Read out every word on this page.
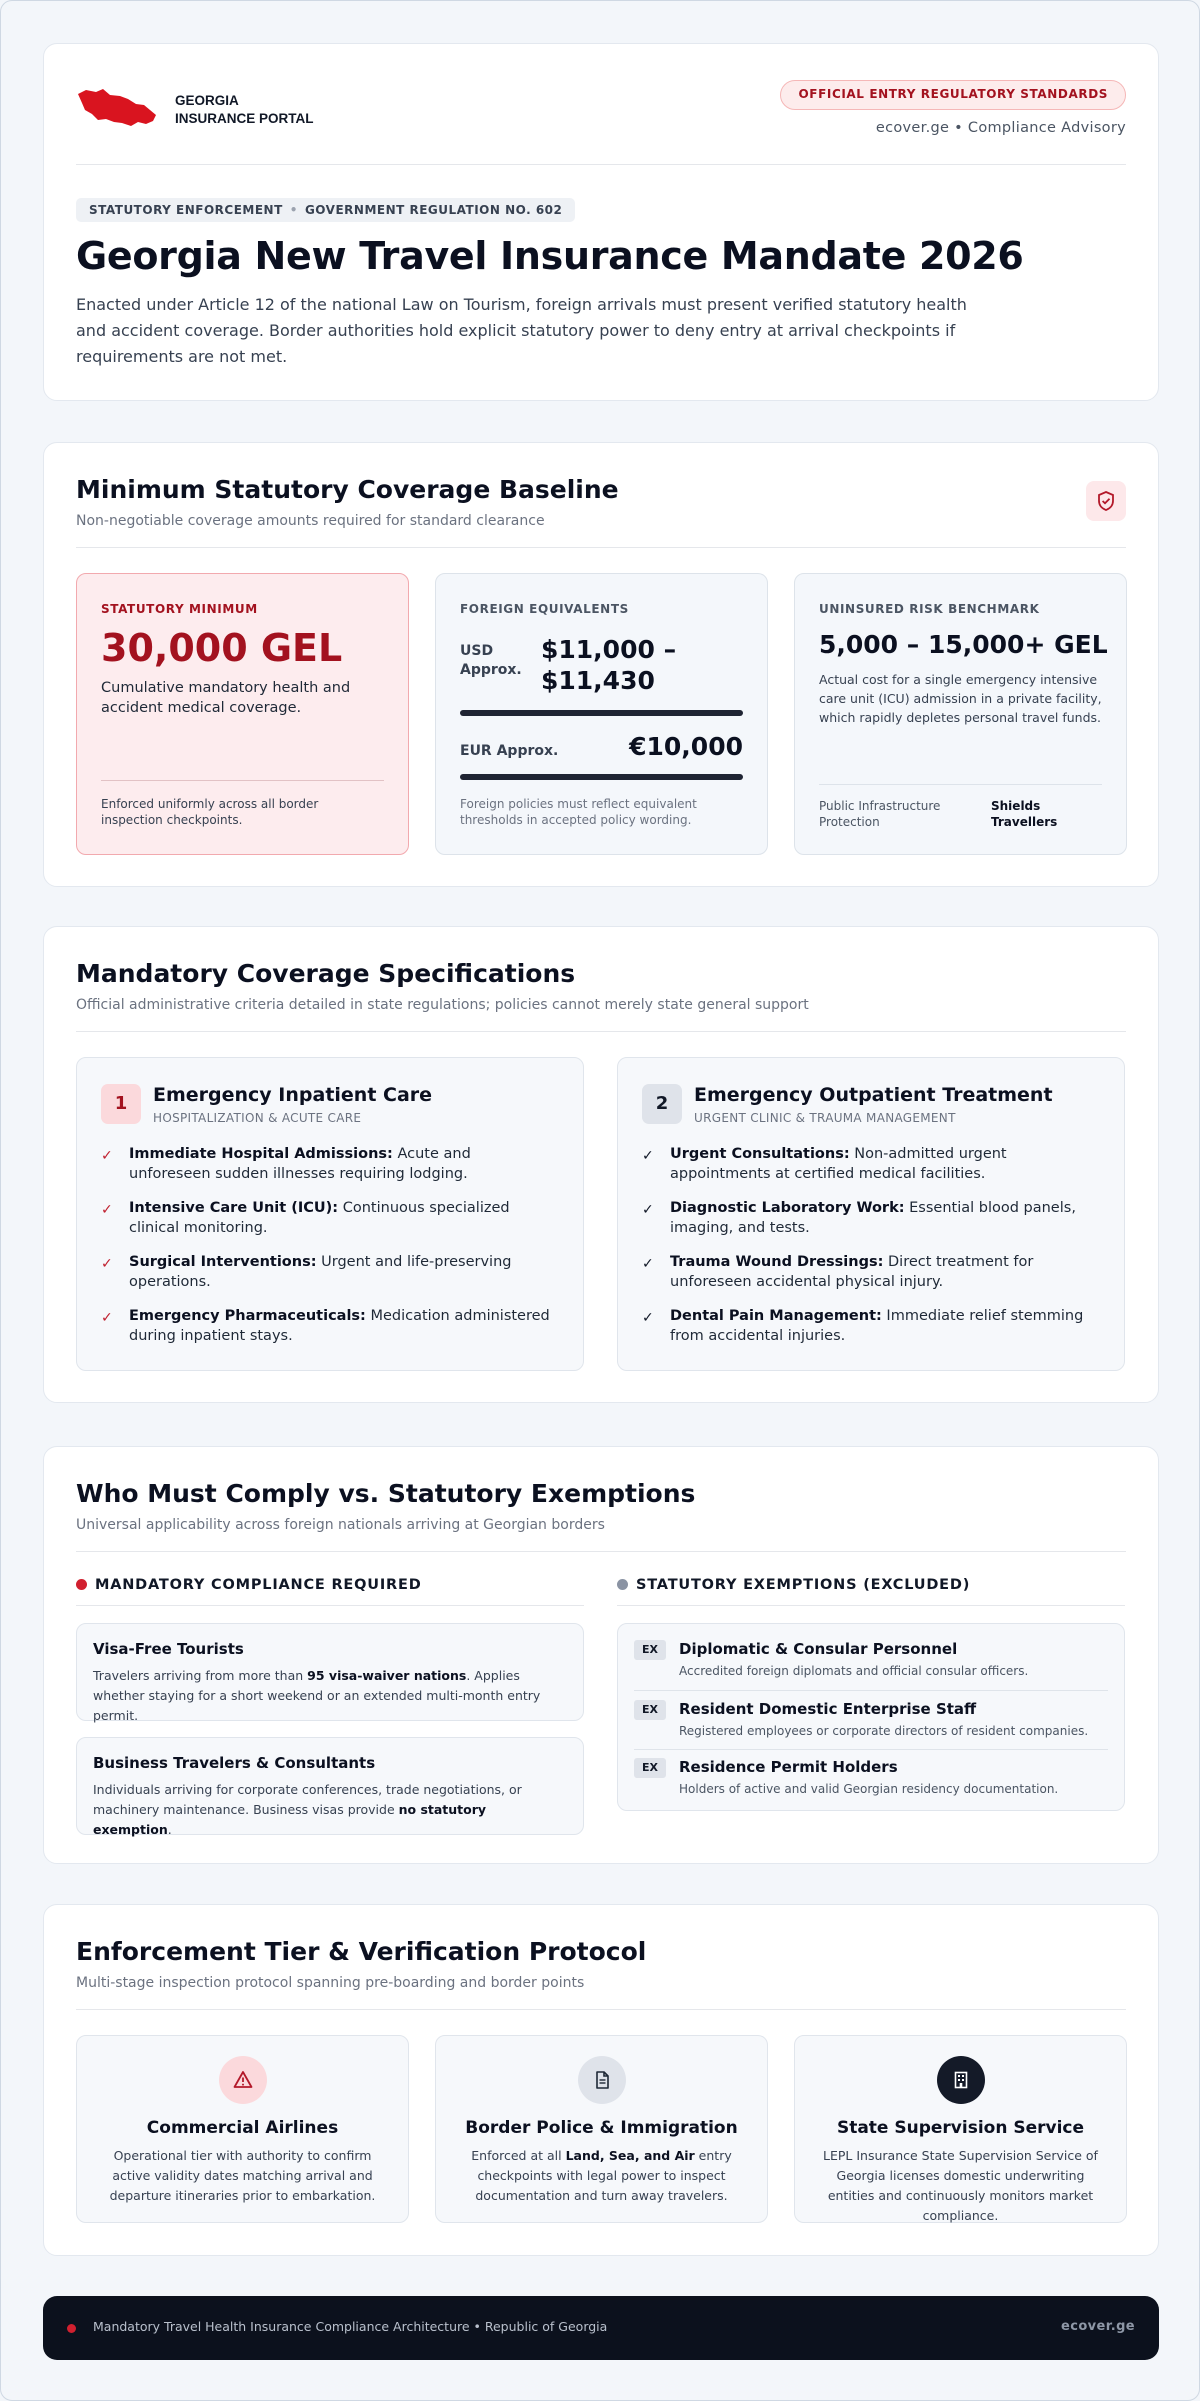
GEORGIA
INSURANCE PORTAL
OFFICIAL ENTRY REGULATORY STANDARDS
ecover.ge • Compliance Advisory
STATUTORY ENFORCEMENT • GOVERNMENT REGULATION NO. 602
Georgia New Travel Insurance Mandate 2026
Enacted under Article 12 of the national Law on Tourism, foreign arrivals must present verified statutory health and accident coverage. Border authorities hold explicit statutory power to deny entry at arrival checkpoints if requirements are not met.
Minimum Statutory Coverage Baseline
Non-negotiable coverage amounts required for standard clearance
STATUTORY MINIMUM
30,000 GEL
Cumulative mandatory health and accident medical coverage.
Enforced uniformly across all border inspection checkpoints.
FOREIGN EQUIVALENTS
USD
Approx.
$11,000 –
$11,430
EUR Approx.	€10,000
Foreign policies must reflect equivalent thresholds in accepted policy wording.
UNINSURED RISK BENCHMARK
5,000 – 15,000+ GEL
Actual cost for a single emergency intensive care unit (ICU) admission in a private facility, which rapidly depletes personal travel funds.
Public Infrastructure Protection
Shields Travellers
Mandatory Coverage Specifications
Official administrative criteria detailed in state regulations; policies cannot merely state general support
1	Emergency Inpatient Care
HOSPITALIZATION & ACUTE CARE
✓ Immediate Hospital Admissions: Acute and unforeseen sudden illnesses requiring lodging.
✓ Intensive Care Unit (ICU): Continuous specialized clinical monitoring.
✓ Surgical Interventions: Urgent and life-preserving operations.
✓ Emergency Pharmaceuticals: Medication administered during inpatient stays.
2	Emergency Outpatient Treatment
URGENT CLINIC & TRAUMA MANAGEMENT
✓ Urgent Consultations: Non-admitted urgent appointments at certified medical facilities.
✓ Diagnostic Laboratory Work: Essential blood panels, imaging, and tests.
✓ Trauma Wound Dressings: Direct treatment for unforeseen accidental physical injury.
✓ Dental Pain Management: Immediate relief stemming from accidental injuries.
Who Must Comply vs. Statutory Exemptions
Universal applicability across foreign nationals arriving at Georgian borders
MANDATORY COMPLIANCE REQUIRED	STATUTORY EXEMPTIONS (EXCLUDED)
Visa-Free Tourists
Travelers arriving from more than 95 visa-waiver nations. Applies whether staying for a short weekend or an extended multi-month entry permit.
Business Travelers & Consultants
Individuals arriving for corporate conferences, trade negotiations, or machinery maintenance. Business visas provide no statutory exemption.
EX	Diplomatic & Consular Personnel
Accredited foreign diplomats and official consular officers.
EX	Resident Domestic Enterprise Staff
Registered employees or corporate directors of resident companies.
EX	Residence Permit Holders
Holders of active and valid Georgian residency documentation.
Enforcement Tier & Verification Protocol
Multi-stage inspection protocol spanning pre-boarding and border points
Commercial Airlines
Operational tier with authority to confirm active validity dates matching arrival and departure itineraries prior to embarkation.
Border Police & Immigration
Enforced at all Land, Sea, and Air entry checkpoints with legal power to inspect documentation and turn away travelers.
State Supervision Service
LEPL Insurance State Supervision Service of Georgia licenses domestic underwriting entities and continuously monitors market compliance.
Mandatory Travel Health Insurance Compliance Architecture • Republic of Georgia	ecover.ge
